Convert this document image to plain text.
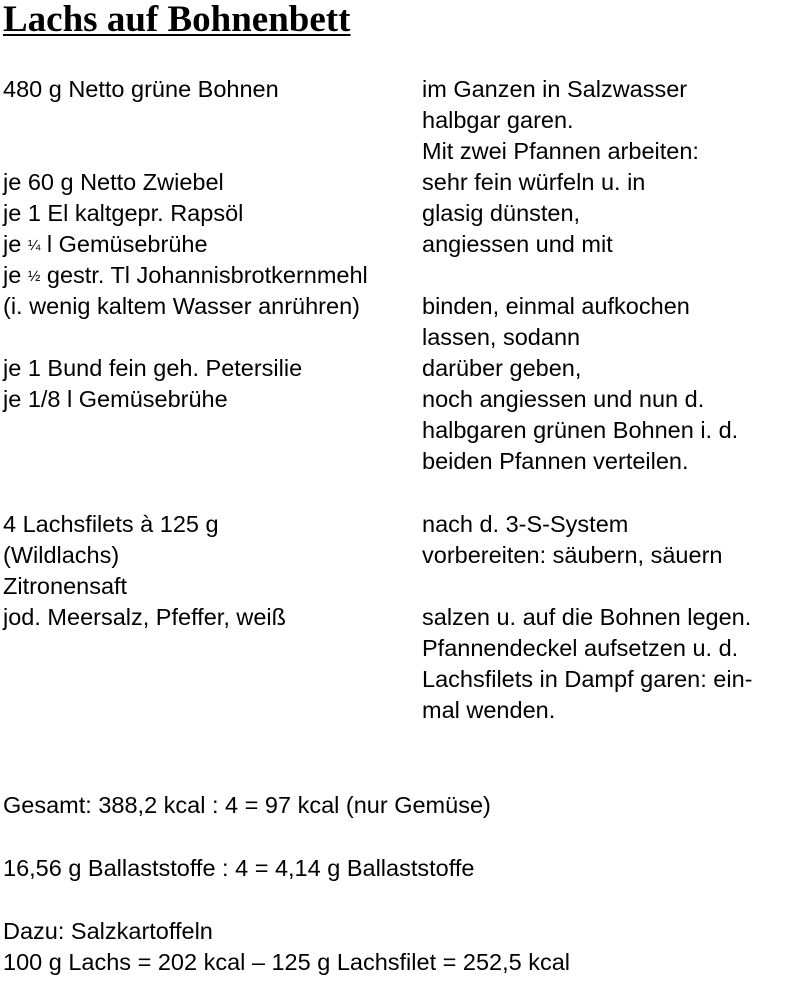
Lachs auf Bohnenbett
480 g Netto grüne Bohnen
je 60 g Netto Zwiebel
je 1 El kaltgepr. Rapsöl
je ¼ l Gemüsebrühe
je ½ gestr. Tl Johannisbrotkernmehl
(i. wenig kaltem Wasser anrühren)
je 1 Bund fein geh. Petersilie
je 1/8 l Gemüsebrühe
4 Lachsfilets à 125 g
(Wildlachs)
Zitronensaft
jod. Meersalz, Pfeffer, weiß
im Ganzen in Salzwasser
halbgar garen.
Mit zwei Pfannen arbeiten:
sehr fein würfeln u. in
glasig dünsten,
angiessen und mit
binden, einmal aufkochen
lassen, sodann
darüber geben,
noch angiessen und nun d.
halbgaren grünen Bohnen i. d.
beiden Pfannen verteilen.
nach d. 3-S-System
vorbereiten: säubern, säuern
salzen u. auf die Bohnen legen.
Pfannendeckel aufsetzen u. d.
Lachsfilets in Dampf garen: ein-
mal wenden.
Gesamt: 388,2 kcal : 4 = 97 kcal (nur Gemüse)
16,56 g Ballaststoffe : 4 = 4,14 g Ballaststoffe
Dazu: Salzkartoffeln
100 g Lachs = 202 kcal – 125 g Lachsfilet = 252,5 kcal
